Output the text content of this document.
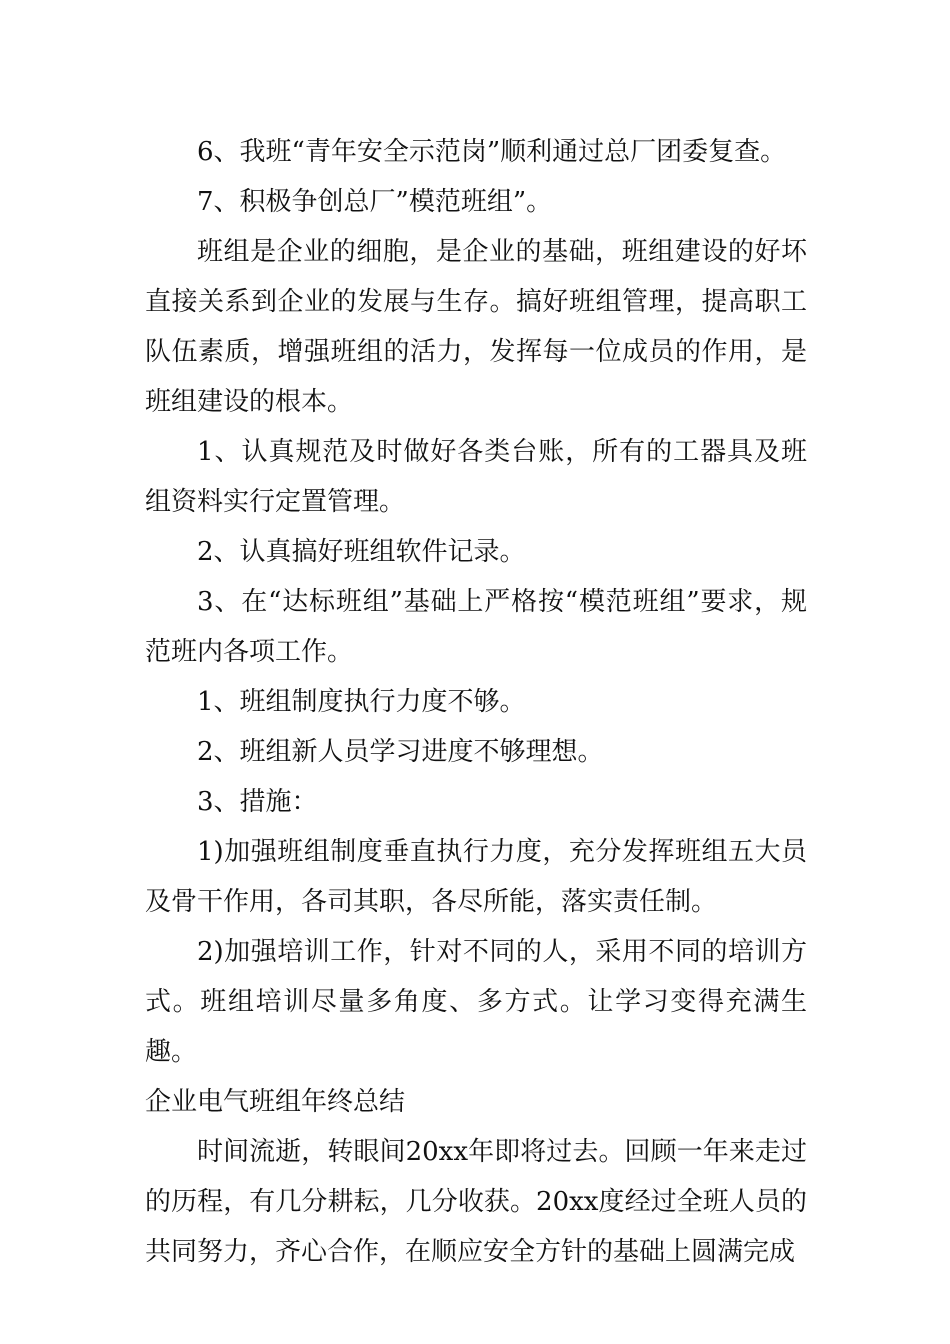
6、我班“青年安全示范岗”顺利通过总厂团委复查。

7、积极争创总厂”模范班组”。

班组是企业的细胞，是企业的基础，班组建设的好坏直接关系到企业的发展与生存。搞好班组管理，提高职工队伍素质，增强班组的活力，发挥每一位成员的作用，是班组建设的根本。

1、认真规范及时做好各类台账，所有的工器具及班组资料实行定置管理。

2、认真搞好班组软件记录。

3、在“达标班组”基础上严格按“模范班组”要求，规范班内各项工作。

1、班组制度执行力度不够。

2、班组新人员学习进度不够理想。

3、措施：

1)加强班组制度垂直执行力度，充分发挥班组五大员及骨干作用，各司其职，各尽所能，落实责任制。

2)加强培训工作，针对不同的人，采用不同的培训方式。班组培训尽量多角度、多方式。让学习变得充满生趣。

企业电气班组年终总结

时间流逝，转眼间20xx年即将过去。回顾一年来走过的历程，有几分耕耘，几分收获。20xx度经过全班人员的共同努力，齐心合作，在顺应安全方针的基础上圆满完成
